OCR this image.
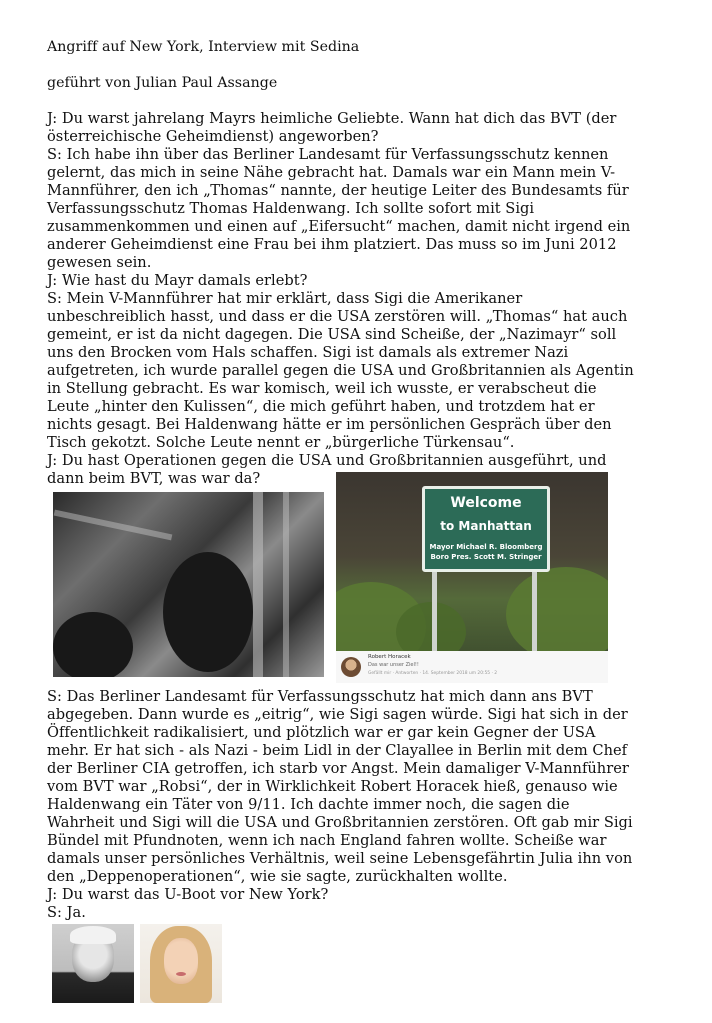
Angriff auf New York, Interview mit Sedina
geführt von Julian Paul Assange
J: Du warst jahrelang Mayrs heimliche Geliebte. Wann hat dich das BVT (der
österreichische Geheimdienst) angeworben?
S: Ich habe ihn über das Berliner Landesamt für Verfassungsschutz kennen
gelernt, das mich in seine Nähe gebracht hat. Damals war ein Mann mein V-
Mannführer, den ich „Thomas“ nannte, der heutige Leiter des Bundesamts für
Verfassungsschutz Thomas Haldenwang. Ich sollte sofort mit Sigi
zusammenkommen und einen auf „Eifersucht“ machen, damit nicht irgend ein
anderer Geheimdienst eine Frau bei ihm platziert. Das muss so im Juni 2012
gewesen sein.
J: Wie hast du Mayr damals erlebt?
S: Mein V-Mannführer hat mir erklärt, dass Sigi die Amerikaner
unbeschreiblich hasst, und dass er die USA zerstören will. „Thomas“ hat auch
gemeint, er ist da nicht dagegen. Die USA sind Scheiße, der „Nazimayr“ soll
uns den Brocken vom Hals schaffen. Sigi ist damals als extremer Nazi
aufgetreten, ich wurde parallel gegen die USA und Großbritannien als Agentin
in Stellung gebracht. Es war komisch, weil ich wusste, er verabscheut die
Leute „hinter den Kulissen“, die mich geführt haben, und trotzdem hat er
nichts gesagt. Bei Haldenwang hätte er im persönlichen Gespräch über den
Tisch gekotzt. Solche Leute nennt er „bürgerliche Türkensau“.
J: Du hast Operationen gegen die USA und Großbritannien ausgeführt, und
dann beim BVT, was war da?
Welcome
to Manhattan
Mayor Michael R. Bloomberg
Boro Pres. Scott M. Stringer
Robert Horacek
Das war unser Ziel!!
Gefällt mir · Antworten · 14. September 2018 um 20:55 · 2
S: Das Berliner Landesamt für Verfassungsschutz hat mich dann ans BVT
abgegeben. Dann wurde es „eitrig“, wie Sigi sagen würde. Sigi hat sich in der
Öffentlichkeit radikalisiert, und plötzlich war er gar kein Gegner der USA
mehr. Er hat sich - als Nazi - beim Lidl in der Clayallee in Berlin mit dem Chef
der Berliner CIA getroffen, ich starb vor Angst. Mein damaliger V-Mannführer
vom BVT war „Robsi“, der in Wirklichkeit Robert Horacek hieß, genauso wie
Haldenwang ein Täter von 9/11. Ich dachte immer noch, die sagen die
Wahrheit und Sigi will die USA und Großbritannien zerstören. Oft gab mir Sigi
Bündel mit Pfundnoten, wenn ich nach England fahren wollte. Scheiße war
damals unser persönliches Verhältnis, weil seine Lebensgefährtin Julia ihn von
den „Deppenoperationen“, wie sie sagte, zurückhalten wollte.
J: Du warst das U-Boot vor New York?
S: Ja.
